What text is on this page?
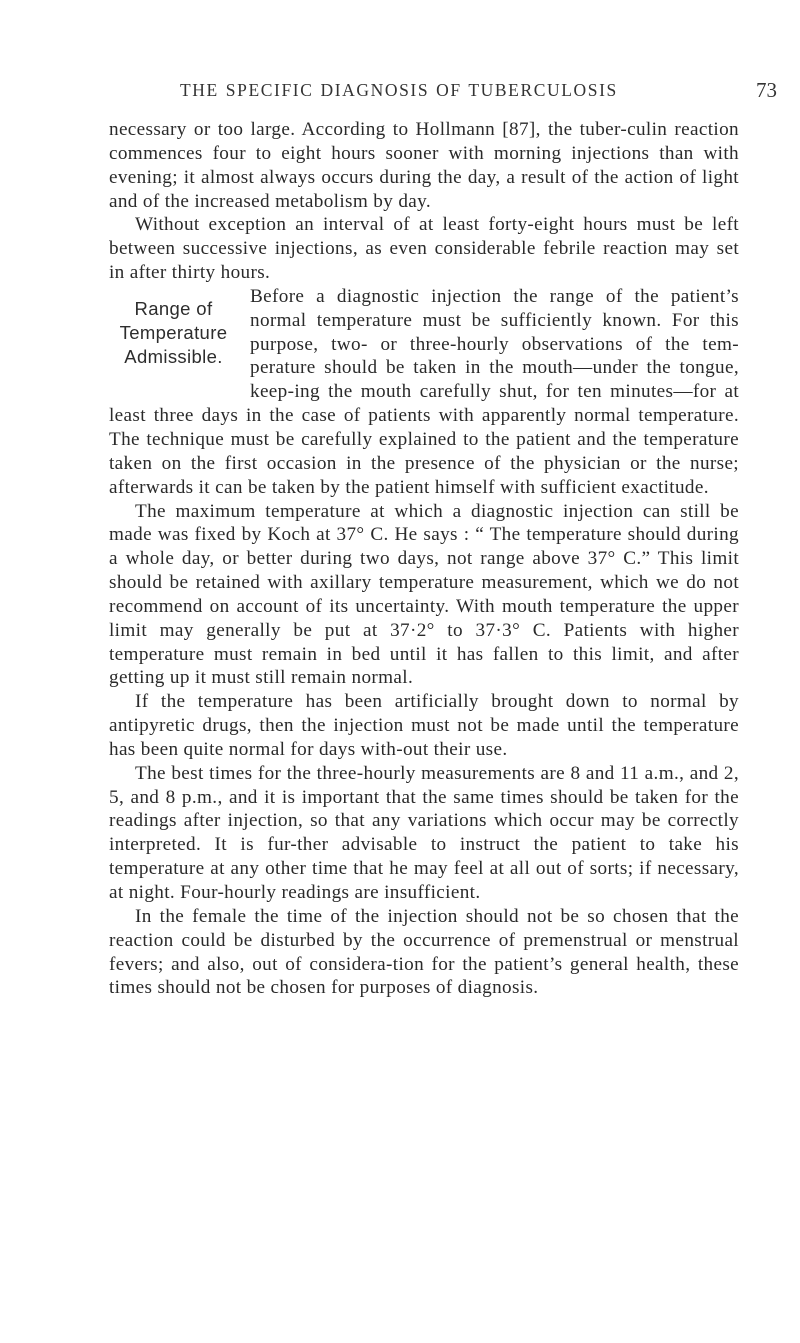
THE SPECIFIC DIAGNOSIS OF TUBERCULOSIS	73

necessary or too large. According to Hollmann [87], the tuber-culin reaction commences four to eight hours sooner with morning injections than with evening; it almost always occurs during the day, a result of the action of light and of the increased metabolism by day.

Without exception an interval of at least forty-eight hours must be left between successive injections, as even considerable febrile reaction may set in after thirty hours.

Range of
Temperature
Admissible.

Before a diagnostic injection the range of the patient’s normal temperature must be sufficiently known. For this purpose, two- or three-hourly observations of the tem-perature should be taken in the mouth—under the tongue, keep-ing the mouth carefully shut, for ten minutes—for at least three days in the case of patients with apparently normal temperature. The technique must be carefully explained to the patient and the temperature taken on the first occasion in the presence of the physician or the nurse; afterwards it can be taken by the patient himself with sufficient exactitude.

The maximum temperature at which a diagnostic injection can still be made was fixed by Koch at 37° C. He says : “ The temperature should during a whole day, or better during two days, not range above 37° C.” This limit should be retained with axillary temperature measurement, which we do not recommend on account of its uncertainty. With mouth temperature the upper limit may generally be put at 37·2° to 37·3° C. Patients with higher temperature must remain in bed until it has fallen to this limit, and after getting up it must still remain normal.

If the temperature has been artificially brought down to normal by antipyretic drugs, then the injection must not be made until the temperature has been quite normal for days with-out their use.

The best times for the three-hourly measurements are 8 and 11 a.m., and 2, 5, and 8 p.m., and it is important that the same times should be taken for the readings after injection, so that any variations which occur may be correctly interpreted. It is fur-ther advisable to instruct the patient to take his temperature at any other time that he may feel at all out of sorts; if necessary, at night. Four-hourly readings are insufficient.

In the female the time of the injection should not be so chosen that the reaction could be disturbed by the occurrence of premenstrual or menstrual fevers; and also, out of considera-tion for the patient’s general health, these times should not be chosen for purposes of diagnosis.
